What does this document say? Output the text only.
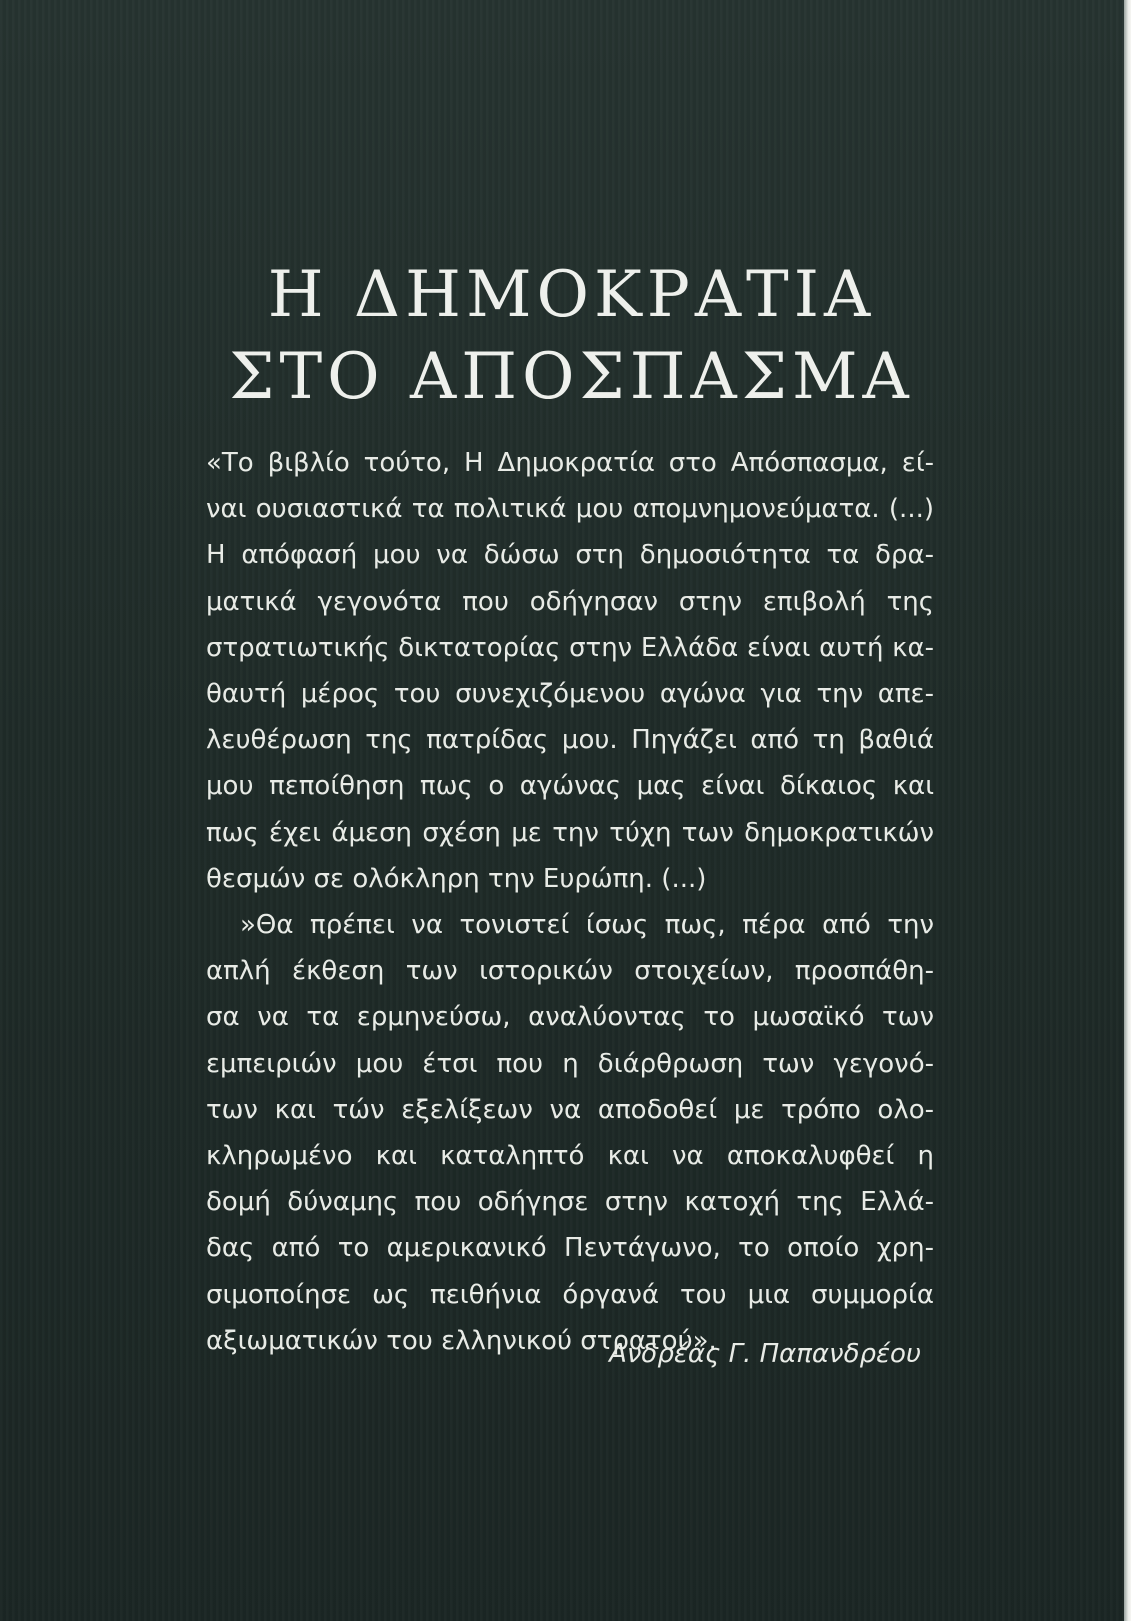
Η ΔΗΜΟΚΡΑΤΙΑ
ΣΤΟ ΑΠΟΣΠΑΣΜΑ
«Το βιβλίο τούτο, Η Δημοκρατία στο Απόσπασμα, εί-
ναι ουσιαστικά τα πολιτικά μου απομνημονεύματα. (...)
Η απόφασή μου να δώσω στη δημοσιότητα τα δρα-
ματικά γεγονότα που οδήγησαν στην επιβολή της
στρατιωτικής δικτατορίας στην Ελλάδα είναι αυτή κα-
θαυτή μέρος του συνεχιζόμενου αγώνα για την απε-
λευθέρωση της πατρίδας μου. Πηγάζει από τη βαθιά
μου πεποίθηση πως ο αγώνας μας είναι δίκαιος και
πως έχει άμεση σχέση με την τύχη των δημοκρατικών
θεσμών σε ολόκληρη την Ευρώπη. (...)
»Θα πρέπει να τονιστεί ίσως πως, πέρα από την
απλή έκθεση των ιστορικών στοιχείων, προσπάθη-
σα να τα ερμηνεύσω, αναλύοντας το μωσαϊκό των
εμπειριών μου έτσι που η διάρθρωση των γεγονό-
των και τών εξελίξεων να αποδοθεί με τρόπο ολο-
κληρωμένο και καταληπτό και να αποκαλυφθεί η
δομή δύναμης που οδήγησε στην κατοχή της Ελλά-
δας από το αμερικανικό Πεντάγωνο, το οποίο χρη-
σιμοποίησε ως πειθήνια όργανά του μια συμμορία
αξιωματικών του ελληνικού στρατού».
Ανδρέας Γ. Παπανδρέου
